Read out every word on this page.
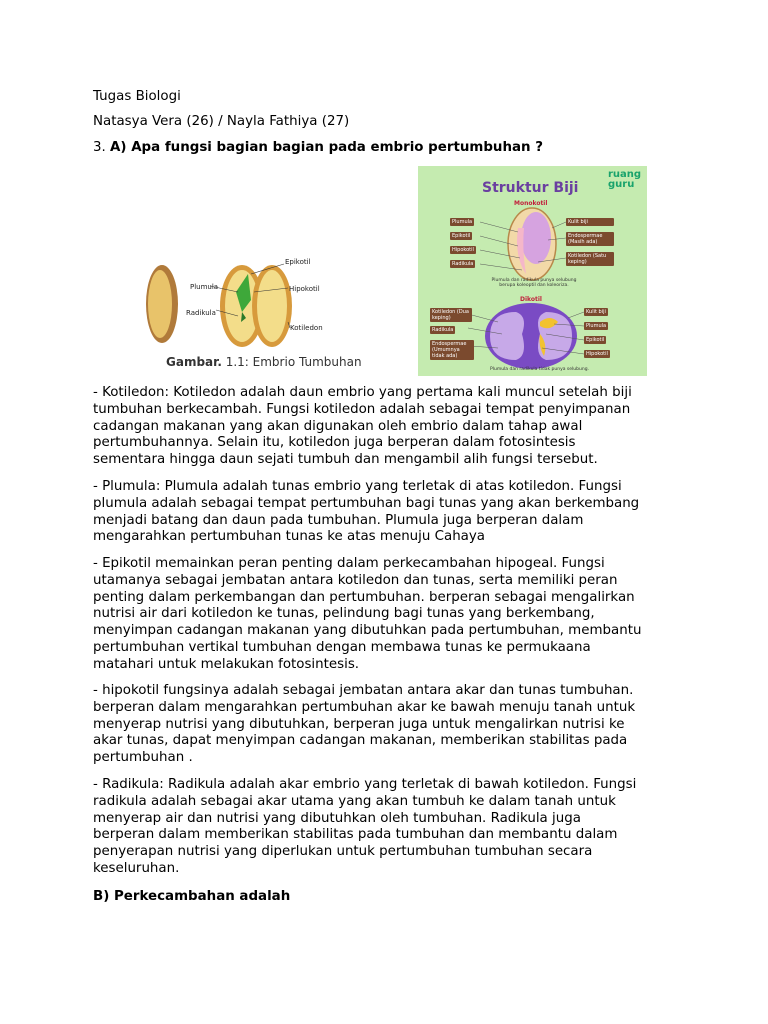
Tugas Biologi
Natasya Vera (26) / Nayla Fathiya (27)
3. A) Apa fungsi bagian bagian pada embrio pertumbuhan ?
Epikotil
Plumula	Hipokotil
Radikula
Kotiledon
Gambar. 1.1: Embrio Tumbuhan
Struktur Biji
ruang
guru
Monokotil
Plumula
Epikotil
Hipokotil
Radikula
Kulit biji
Endospermae (Masih ada)
Kotiledon (Satu keping)
Plumula dan radikula punya selubung berupa koleoptil dan koleoriza.
Dikotil
Kotiledon (Dua keping)
Radikula
Endospermae (Umumnya tidak ada)
Kulit biji
Plumula
Epikotil
Hipokotil
Plumula dan radikula tidak punya selubung.
- Kotiledon: Kotiledon adalah daun embrio yang pertama kali muncul setelah biji
tumbuhan berkecambah. Fungsi kotiledon adalah sebagai tempat penyimpanan
cadangan makanan yang akan digunakan oleh embrio dalam tahap awal
pertumbuhannya. Selain itu, kotiledon juga berperan dalam fotosintesis
sementara hingga daun sejati tumbuh dan mengambil alih fungsi tersebut.
- Plumula: Plumula adalah tunas embrio yang terletak di atas kotiledon. Fungsi
plumula adalah sebagai tempat pertumbuhan bagi tunas yang akan berkembang
menjadi batang dan daun pada tumbuhan. Plumula juga berperan dalam
mengarahkan pertumbuhan tunas ke atas menuju Cahaya
- Epikotil memainkan peran penting dalam perkecambahan hipogeal. Fungsi
utamanya sebagai jembatan antara kotiledon dan tunas, serta memiliki peran
penting dalam perkembangan dan pertumbuhan. berperan sebagai mengalirkan
nutrisi air dari kotiledon ke tunas, pelindung bagi tunas yang berkembang,
menyimpan cadangan makanan yang dibutuhkan pada pertumbuhan, membantu
pertumbuhan vertikal tumbuhan dengan membawa tunas ke permukaana
matahari untuk melakukan fotosintesis.
- hipokotil fungsinya adalah sebagai jembatan antara akar dan tunas tumbuhan.
berperan dalam mengarahkan pertumbuhan akar ke bawah menuju tanah untuk
menyerap nutrisi yang dibutuhkan, berperan juga untuk mengalirkan nutrisi ke
akar tunas, dapat menyimpan cadangan makanan, memberikan stabilitas pada
pertumbuhan .
- Radikula: Radikula adalah akar embrio yang terletak di bawah kotiledon. Fungsi
radikula adalah sebagai akar utama yang akan tumbuh ke dalam tanah untuk
menyerap air dan nutrisi yang dibutuhkan oleh tumbuhan. Radikula juga
berperan dalam memberikan stabilitas pada tumbuhan dan membantu dalam
penyerapan nutrisi yang diperlukan untuk pertumbuhan tumbuhan secara
keseluruhan.
B) Perkecambahan adalah
